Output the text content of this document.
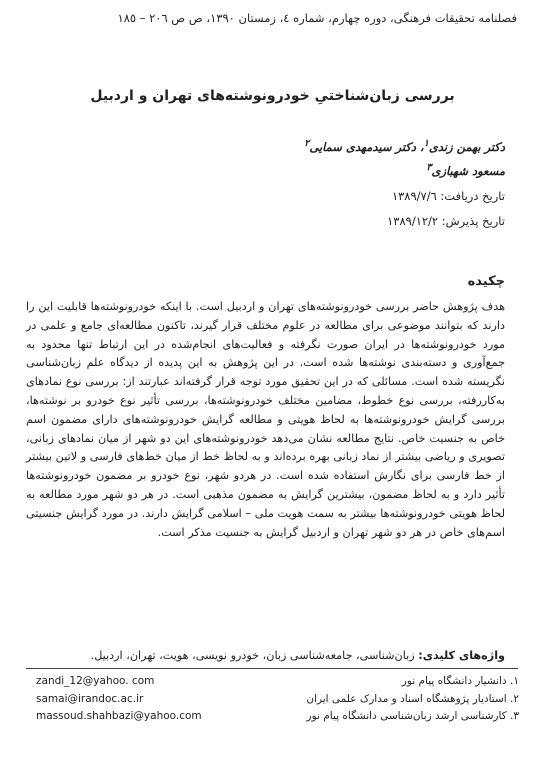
فصلنامه تحقیقات فرهنگی، دوره چهارم، شماره ٤، زمستان ١٣٩٠، ص ص ٢٠٦ – ١٨٥
بررسی زبان‌شناختیِ خودرونوشته‌های تهران و اردبیل
دکتر بهمن زندی$^١$، دکتر سیدمهدی سمایی$^٢$
مسعود شهبازی$^٣$
تاریخ دریافت: ١٣٨٩/٧/٦
تاریخ پذیرش: ١٣٨٩/١٢/٢
چکیده
هدف پژوهش حاضر بررسی خودرونوشته‌های تهران و اردبیل است. با اینکه خودرونوشته‌ها قابلیت این را دارند که بتوانند موضوعی برای مطالعه در علوم مختلف قرار گیرند، تاکنون مطالعه‌ای جامع و علمی در مورد خودرونوشته‌ها در ایران صورت نگرفته و فعالیت‌های انجام‌شده در این ارتباط تنها محدود به جمع‌آوری و دسته‌بندی نوشته‌ها شده است. در این پژوهش به این پدیده از دیدگاه علم زبان‌شناسی نگریسته شده است. مسائلی که در این تحقیق مورد توجه قرار گرفته‌اند عبارتند از: بررسی نوع نمادهای به‌کاررفته، بررسی نوع خطوط، مضامین مختلف خودرونوشته‌ها، بررسی تأثیر نوع خودرو بر نوشته‌ها، بررسی گرایش خودرونوشته‌ها به لحاظ هویتی و مطالعه گرایش خودرونوشته‌های دارای مضمون اسم خاص به جنسیت خاص. نتایج مطالعه نشان می‌دهد خودرونوشته‌های این دو شهر از میان نمادهای زبانی، تصویری و ریاضی بیشتر از نماد زبانی بهره برده‌اند و به لحاظ خط از میان خط‌های فارسی و لاتین بیشتر از خط فارسی برای نگارش استفاده شده است. در هردو شهر، نوع خودرو بر مضمون خودرونوشته‌ها تأثیر دارد و به لحاظ مضمون، بیشترین گرایش به مضمون مذهبی است. در هر دو شهر مورد مطالعه به لحاظ هویتی خودرونوشته‌ها بیشتر به سمت هویت ملی – اسلامی گرایش دارند. در مورد گرایش جنسیتی اسم‌های خاص در هر دو شهر تهران و اردبیل گرایش به جنسیت مذکر است.
واژه‌های کلیدی: زبان‌شناسی، جامعه‌شناسی زبان، خودرو نویسی، هویت، تهران، اردبیل.
zandi_12@yahoo. com
samai@irandoc.ac.ir
massoud.shahbazi@yahoo.com
١. دانشیار دانشگاه پیام نور
٢. استادیار پژوهشگاه اسناد و مدارک علمی ایران
٣. کارشناسی ارشد زبان‌شناسی دانشگاه پیام نور
